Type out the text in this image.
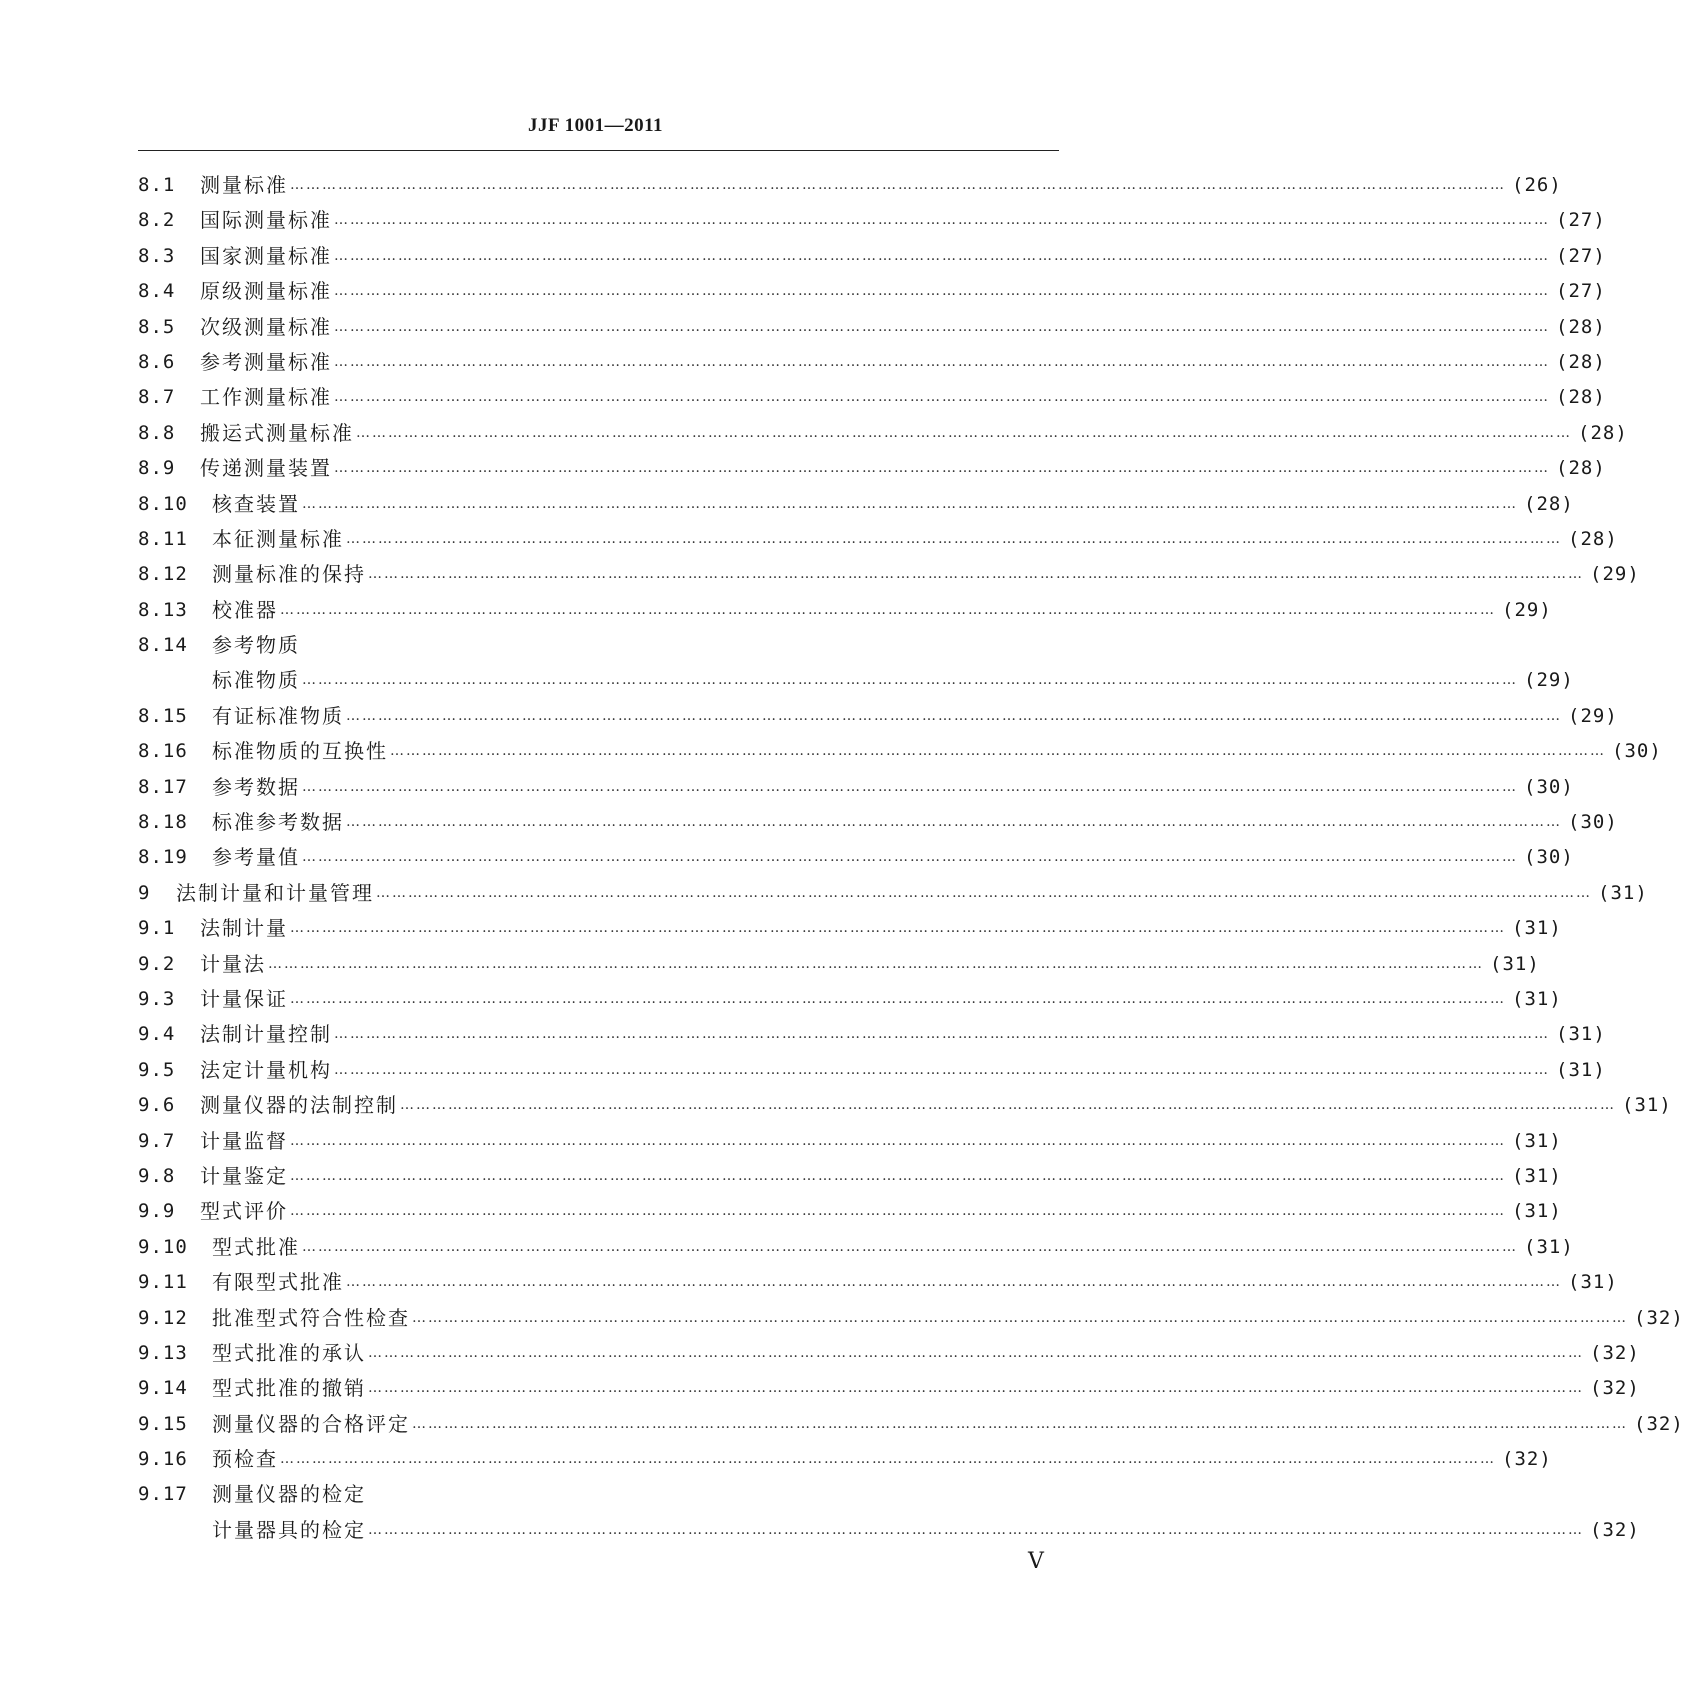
JJF 1001—2011
8.1	测量标准 ………………………………………………………………………………………………………………………………………………………………………………………………………… (26)
8.2	国际测量标准 ………………………………………………………………………………………………………………………………………………………………………………………………………… (27)
8.3	国家测量标准 ………………………………………………………………………………………………………………………………………………………………………………………………………… (27)
8.4	原级测量标准 ………………………………………………………………………………………………………………………………………………………………………………………………………… (27)
8.5	次级测量标准 ………………………………………………………………………………………………………………………………………………………………………………………………………… (28)
8.6	参考测量标准 ………………………………………………………………………………………………………………………………………………………………………………………………………… (28)
8.7	工作测量标准 ………………………………………………………………………………………………………………………………………………………………………………………………………… (28)
8.8	搬运式测量标准 ………………………………………………………………………………………………………………………………………………………………………………………………………… (28)
8.9	传递测量装置 ………………………………………………………………………………………………………………………………………………………………………………………………………… (28)
8.10	核查装置 ………………………………………………………………………………………………………………………………………………………………………………………………………… (28)
8.11	本征测量标准 ………………………………………………………………………………………………………………………………………………………………………………………………………… (28)
8.12	测量标准的保持 ………………………………………………………………………………………………………………………………………………………………………………………………………… (29)
8.13	校准器 ………………………………………………………………………………………………………………………………………………………………………………………………………… (29)
8.14	参考物质
标准物质 ………………………………………………………………………………………………………………………………………………………………………………………………………… (29)
8.15	有证标准物质 ………………………………………………………………………………………………………………………………………………………………………………………………………… (29)
8.16	标准物质的互换性 ………………………………………………………………………………………………………………………………………………………………………………………………………… (30)
8.17	参考数据 ………………………………………………………………………………………………………………………………………………………………………………………………………… (30)
8.18	标准参考数据 ………………………………………………………………………………………………………………………………………………………………………………………………………… (30)
8.19	参考量值 ………………………………………………………………………………………………………………………………………………………………………………………………………… (30)
9	法制计量和计量管理 ………………………………………………………………………………………………………………………………………………………………………………………………………… (31)
9.1	法制计量 ………………………………………………………………………………………………………………………………………………………………………………………………………… (31)
9.2	计量法 ………………………………………………………………………………………………………………………………………………………………………………………………………… (31)
9.3	计量保证 ………………………………………………………………………………………………………………………………………………………………………………………………………… (31)
9.4	法制计量控制 ………………………………………………………………………………………………………………………………………………………………………………………………………… (31)
9.5	法定计量机构 ………………………………………………………………………………………………………………………………………………………………………………………………………… (31)
9.6	测量仪器的法制控制 ………………………………………………………………………………………………………………………………………………………………………………………………………… (31)
9.7	计量监督 ………………………………………………………………………………………………………………………………………………………………………………………………………… (31)
9.8	计量鉴定 ………………………………………………………………………………………………………………………………………………………………………………………………………… (31)
9.9	型式评价 ………………………………………………………………………………………………………………………………………………………………………………………………………… (31)
9.10	型式批准 ………………………………………………………………………………………………………………………………………………………………………………………………………… (31)
9.11	有限型式批准 ………………………………………………………………………………………………………………………………………………………………………………………………………… (31)
9.12	批准型式符合性检查 ………………………………………………………………………………………………………………………………………………………………………………………………………… (32)
9.13	型式批准的承认 ………………………………………………………………………………………………………………………………………………………………………………………………………… (32)
9.14	型式批准的撤销 ………………………………………………………………………………………………………………………………………………………………………………………………………… (32)
9.15	测量仪器的合格评定 ………………………………………………………………………………………………………………………………………………………………………………………………………… (32)
9.16	预检查 ………………………………………………………………………………………………………………………………………………………………………………………………………… (32)
9.17	测量仪器的检定
计量器具的检定 ………………………………………………………………………………………………………………………………………………………………………………………………………… (32)
Ⅴ
